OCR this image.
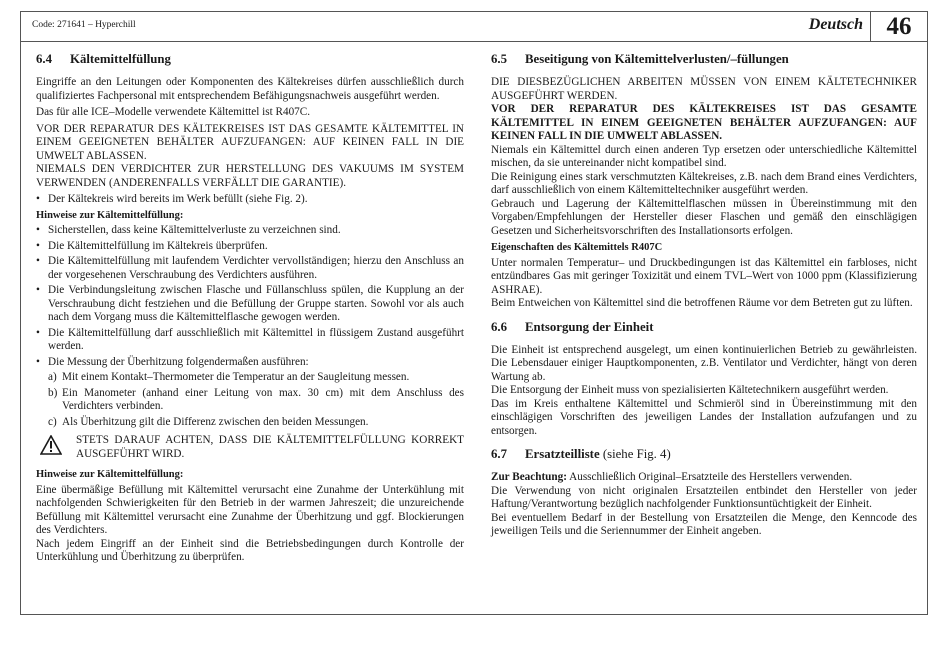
Code: 271641 – Hyperchill	Deutsch 46
6.4 Kältemittelfüllung

Eingriffe an den Leitungen oder Komponenten des Kältekreises dürfen ausschließlich durch qualifiziertes Fachpersonal mit entsprechendem Befähigungsnachweis ausgeführt werden.

Das für alle ICE–Modelle verwendete Kältemittel ist R407C.

VOR DER REPARATUR DES KÄLTEKREISES IST DAS GESAMTE KÄLTEMITTEL IN EINEM GEEIGNETEN BEHÄLTER AUFZUFANGEN: AUF KEINEN FALL IN DIE UMWELT ABLASSEN.

NIEMALS DEN VERDICHTER ZUR HERSTELLUNG DES VAKUUMS IM SYSTEM VERWENDEN (ANDERENFALLS VERFÄLLT DIE GARANTIE).

• Der Kältekreis wird bereits im Werk befüllt (siehe Fig. 2).

Hinweise zur Kältemittelfüllung:

• Sicherstellen, dass keine Kältemittelverluste zu verzeichnen sind.
• Die Kältemittelfüllung im Kältekreis überprüfen.
• Die Kältemittelfüllung mit laufendem Verdichter vervollständigen; hierzu den Anschluss an der vorgesehenen Verschraubung des Verdichters ausführen.
• Die Verbindungsleitung zwischen Flasche und Füllanschluss spülen, die Kupplung an der Verschraubung dicht festziehen und die Befüllung der Gruppe starten. Sowohl vor als auch nach dem Vorgang muss die Kältemittelflasche gewogen werden.
• Die Kältemittelfüllung darf ausschließlich mit Kältemittel in flüssigem Zustand ausgeführt werden.
• Die Messung der Überhitzung folgendermaßen ausführen:
a) Mit einem Kontakt–Thermometer die Temperatur an der Saugleitung messen.
b) Ein Manometer (anhand einer Leitung von max. 30 cm) mit dem Anschluss des Verdichters verbinden.
c) Als Überhitzung gilt die Differenz zwischen den beiden Messungen.
STETS DARAUF ACHTEN, DASS DIE KÄLTEMITTELFÜLLUNG KORREKT AUSGEFÜHRT WIRD.

Hinweise zur Kältemittelfüllung:

Eine übermäßige Befüllung mit Kältemittel verursacht eine Zunahme der Unterkühlung mit nachfolgenden Schwierigkeiten für den Betrieb in der warmen Jahreszeit; die unzureichende Befüllung mit Kältemittel verursacht eine Zunahme der Überhitzung und ggf. Blockierungen des Verdichters.

Nach jedem Eingriff an der Einheit sind die Betriebsbedingungen durch Kontrolle der Unterkühlung und Überhitzung zu überprüfen.

6.5 Beseitigung von Kältemittelverlusten/–füllungen

DIE DIESBEZÜGLICHEN ARBEITEN MÜSSEN VON EINEM KÄLTETECHNIKER AUSGEFÜHRT WERDEN.

VOR DER REPARATUR DES KÄLTEKREISES IST DAS GESAMTE KÄLTEMITTEL IN EINEM GEEIGNETEN BEHÄLTER AUFZUFANGEN: AUF KEINEN FALL IN DIE UMWELT ABLASSEN.

Niemals ein Kältemittel durch einen anderen Typ ersetzen oder unterschiedliche Kältemittel mischen, da sie untereinander nicht kompatibel sind.

Die Reinigung eines stark verschmutzten Kältekreises, z.B. nach dem Brand eines Verdichters, darf ausschließlich von einem Kältemitteltechniker ausgeführt werden.

Gebrauch und Lagerung der Kältemittelflaschen müssen in Übereinstimmung mit den Vorgaben/Empfehlungen der Hersteller dieser Flaschen und gemäß den einschlägigen Gesetzen und Sicherheitsvorschriften des Installationsorts erfolgen.

Eigenschaften des Kältemittels R407C

Unter normalen Temperatur– und Druckbedingungen ist das Kältemittel ein farbloses, nicht entzündbares Gas mit geringer Toxizität und einem TVL–Wert von 1000 ppm (Klassifizierung ASHRAE).

Beim Entweichen von Kältemittel sind die betroffenen Räume vor dem Betreten gut zu lüften.

6.6 Entsorgung der Einheit

Die Einheit ist entsprechend ausgelegt, um einen kontinuierlichen Betrieb zu gewährleisten. Die Lebensdauer einiger Hauptkomponenten, z.B. Ventilator und Verdichter, hängt von deren Wartung ab.

Die Entsorgung der Einheit muss von spezialisierten Kältetechnikern ausgeführt werden.

Das im Kreis enthaltene Kältemittel und Schmieröl sind in Übereinstimmung mit den einschlägigen Vorschriften des jeweiligen Landes der Installation aufzufangen und zu entsorgen.

6.7 Ersatzteilliste (siehe Fig. 4)

Zur Beachtung: Ausschließlich Original–Ersatzteile des Herstellers verwenden.

Die Verwendung von nicht originalen Ersatzteilen entbindet den Hersteller von jeder Haftung/Verantwortung bezüglich nachfolgender Funktionsuntüchtigkeit der Einheit.

Bei eventuellem Bedarf in der Bestellung von Ersatzteilen die Menge, den Kenncode des jeweiligen Teils und die Seriennummer der Einheit angeben.
